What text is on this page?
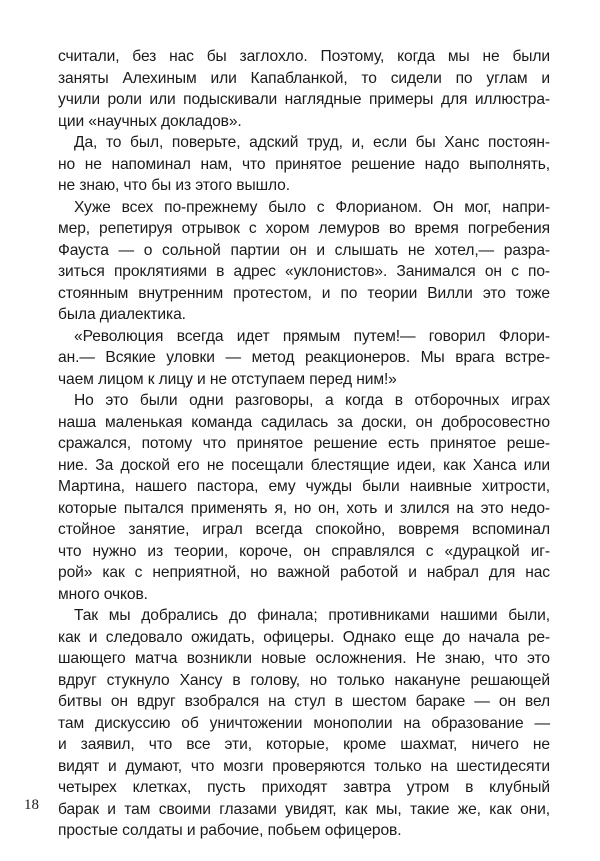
считали, без нас бы заглохло. Поэтому, когда мы не были
заняты Алехиным или Капабланкой, то сидели по углам и
учили роли или подыскивали наглядные примеры для иллюстра-
ции «научных докладов».
Да, то был, поверьте, адский труд, и, если бы Ханс постоян-
но не напоминал нам, что принятое решение надо выполнять,
не знаю, что бы из этого вышло.
Хуже всех по-прежнему было с Флорианом. Он мог, напри-
мер, репетируя отрывок с хором лемуров во время погребения
Фауста — о сольной партии он и слышать не хотел,— разра-
зиться проклятиями в адрес «уклонистов». Занимался он с по-
стоянным внутренним протестом, и по теории Вилли это тоже
была диалектика.
«Революция всегда идет прямым путем!— говорил Флори-
ан.— Всякие уловки — метод реакционеров. Мы врага встре-
чаем лицом к лицу и не отступаем перед ним!»
Но это были одни разговоры, а когда в отборочных играх
наша маленькая команда садилась за доски, он добросовестно
сражался, потому что принятое решение есть принятое реше-
ние. За доской его не посещали блестящие идеи, как Ханса или
Мартина, нашего пастора, ему чужды были наивные хитрости,
которые пытался применять я, но он, хоть и злился на это недо-
стойное занятие, играл всегда спокойно, вовремя вспоминал
что нужно из теории, короче, он справлялся с «дурацкой иг-
рой» как с неприятной, но важной работой и набрал для нас
много очков.
Так мы добрались до финала; противниками нашими были,
как и следовало ожидать, офицеры. Однако еще до начала ре-
шающего матча возникли новые осложнения. Не знаю, что это
вдруг стукнуло Хансу в голову, но только накануне решающей
битвы он вдруг взобрался на стул в шестом бараке — он вел
там дискуссию об уничтожении монополии на образование —
и заявил, что все эти, которые, кроме шахмат, ничего не
видят и думают, что мозги проверяются только на шестидесяти
четырех клетках, пусть приходят завтра утром в клубный
барак и там своими глазами увидят, как мы, такие же, как они,
простые солдаты и рабочие, побьем офицеров.
18
